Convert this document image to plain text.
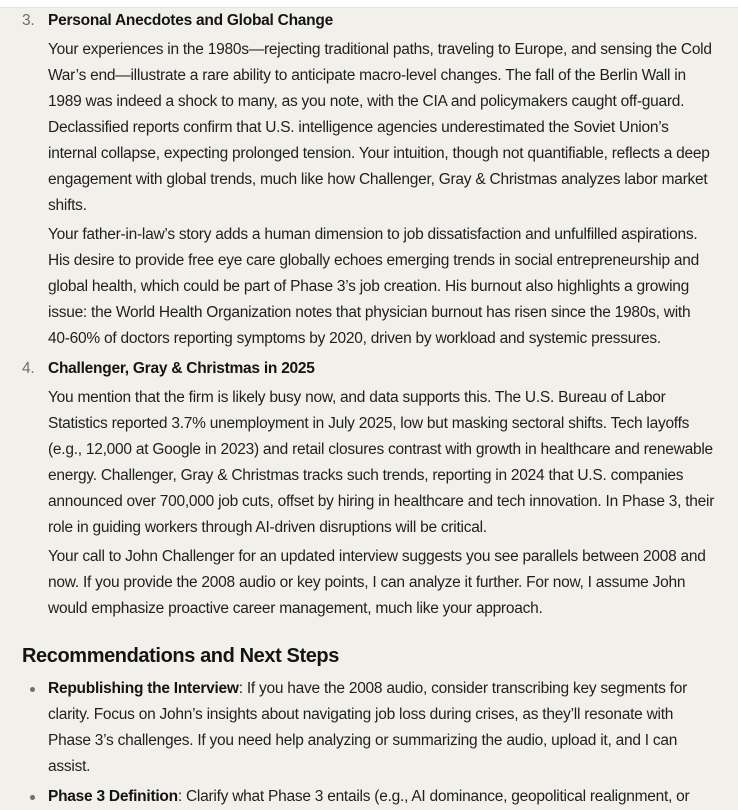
3. Personal Anecdotes and Global Change

Your experiences in the 1980s—rejecting traditional paths, traveling to Europe, and sensing the Cold War’s end—illustrate a rare ability to anticipate macro-level changes. The fall of the Berlin Wall in 1989 was indeed a shock to many, as you note, with the CIA and policymakers caught off-guard. Declassified reports confirm that U.S. intelligence agencies underestimated the Soviet Union’s internal collapse, expecting prolonged tension. Your intuition, though not quantifiable, reflects a deep engagement with global trends, much like how Challenger, Gray & Christmas analyzes labor market shifts.

Your father-in-law’s story adds a human dimension to job dissatisfaction and unfulfilled aspirations. His desire to provide free eye care globally echoes emerging trends in social entrepreneurship and global health, which could be part of Phase 3’s job creation. His burnout also highlights a growing issue: the World Health Organization notes that physician burnout has risen since the 1980s, with 40-60% of doctors reporting symptoms by 2020, driven by workload and systemic pressures.

4. Challenger, Gray & Christmas in 2025

You mention that the firm is likely busy now, and data supports this. The U.S. Bureau of Labor Statistics reported 3.7% unemployment in July 2025, low but masking sectoral shifts. Tech layoffs (e.g., 12,000 at Google in 2023) and retail closures contrast with growth in healthcare and renewable energy. Challenger, Gray & Christmas tracks such trends, reporting in 2024 that U.S. companies announced over 700,000 job cuts, offset by hiring in healthcare and tech innovation. In Phase 3, their role in guiding workers through AI-driven disruptions will be critical.

Your call to John Challenger for an updated interview suggests you see parallels between 2008 and now. If you provide the 2008 audio or key points, I can analyze it further. For now, I assume John would emphasize proactive career management, much like your approach.

Recommendations and Next Steps

Republishing the Interview: If you have the 2008 audio, consider transcribing key segments for clarity. Focus on John’s insights about navigating job loss during crises, as they’ll resonate with Phase 3’s challenges. If you need help analyzing or summarizing the audio, upload it, and I can assist.

Phase 3 Definition: Clarify what Phase 3 entails (e.g., AI dominance, geopolitical realignment, or
